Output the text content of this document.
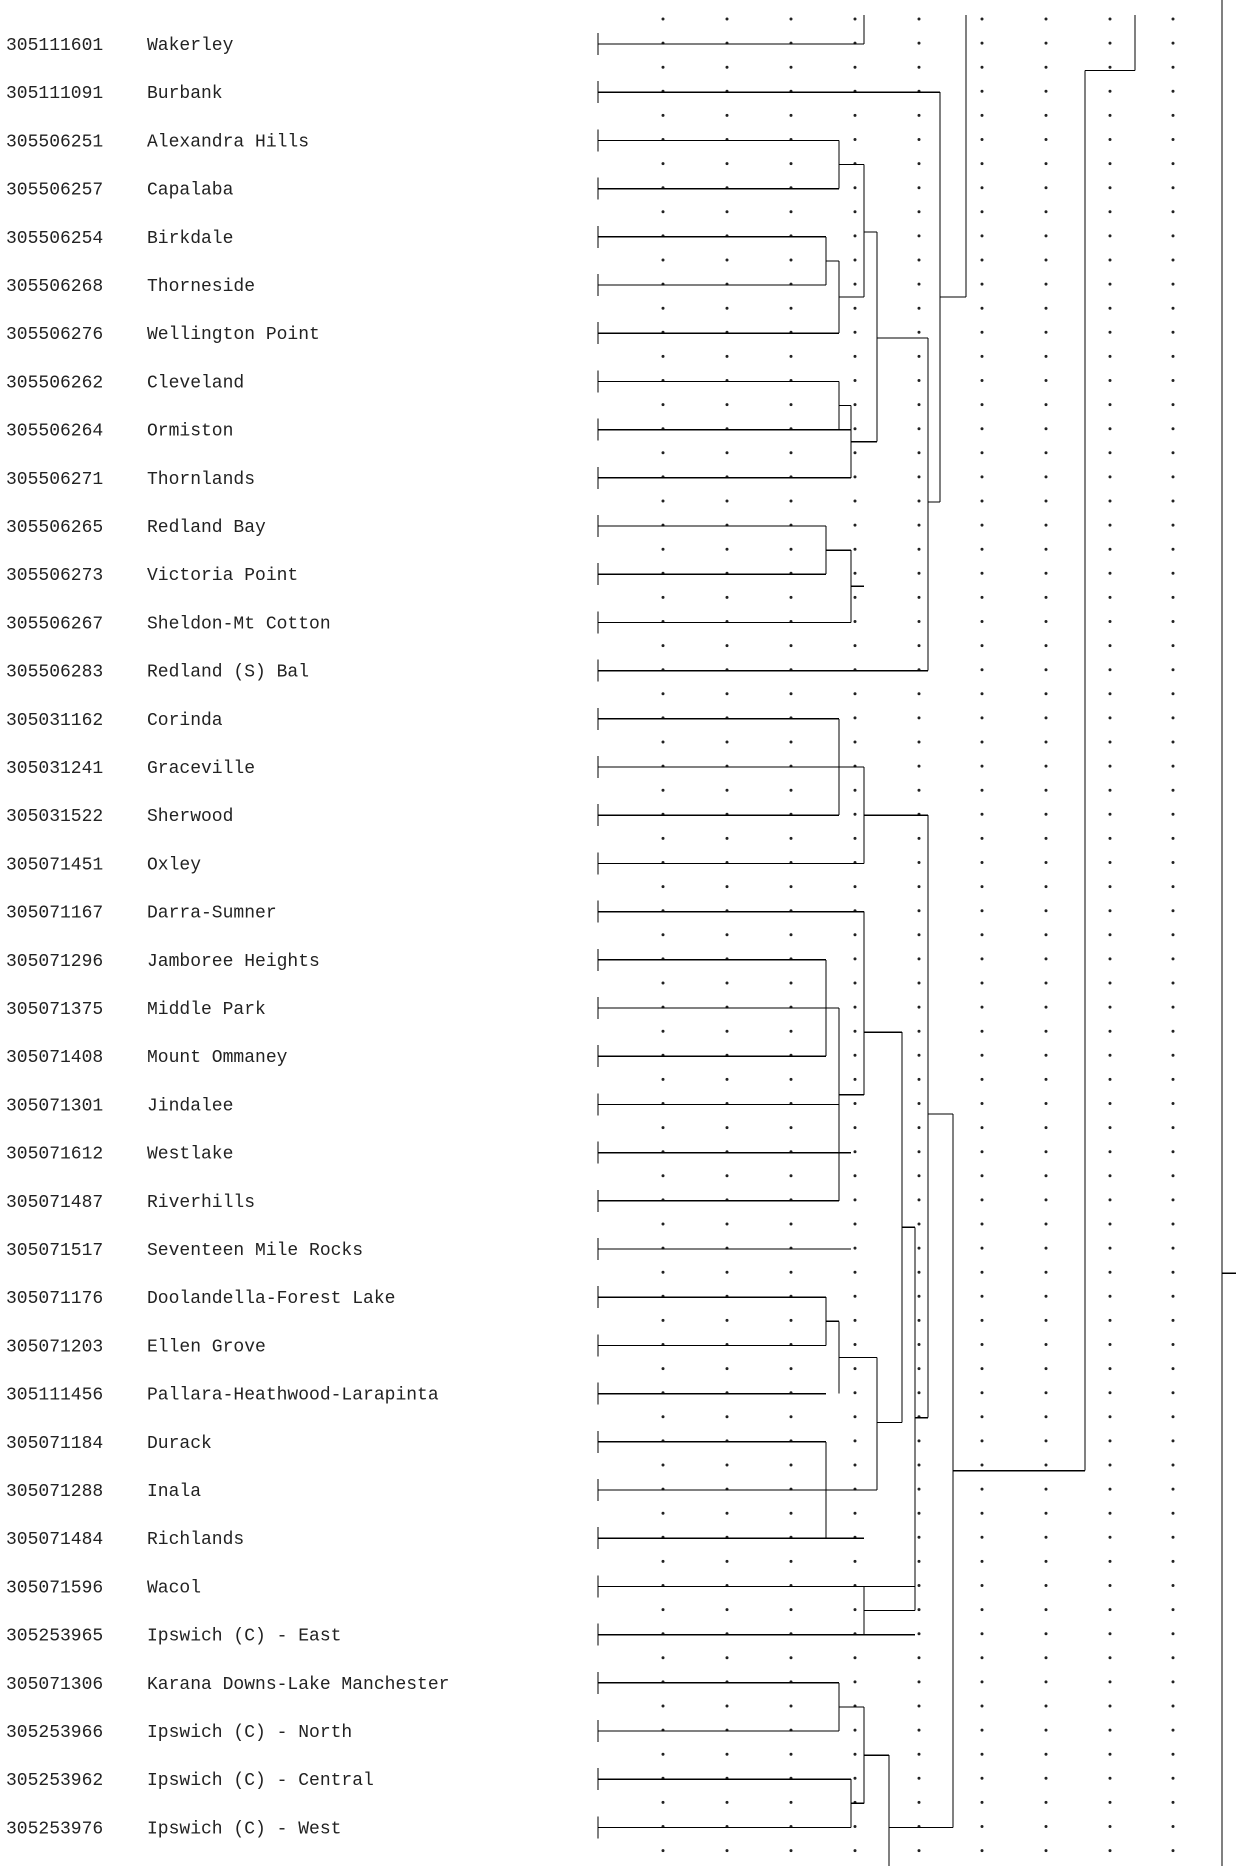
305111601 Wakerley
305111091 Burbank
305506251 Alexandra Hills
305506257 Capalaba
305506254 Birkdale
305506268 Thorneside
305506276 Wellington Point
305506262 Cleveland
305506264 Ormiston
305506271 Thornlands
305506265 Redland Bay
305506273 Victoria Point
305506267 Sheldon-Mt Cotton
305506283 Redland (S) Bal
305031162 Corinda
305031241 Graceville
305031522 Sherwood
305071451 Oxley
305071167 Darra-Sumner
305071296 Jamboree Heights
305071375 Middle Park
305071408 Mount Ommaney
305071301 Jindalee
305071612 Westlake
305071487 Riverhills
305071517 Seventeen Mile Rocks
305071176 Doolandella-Forest Lake
305071203 Ellen Grove
305111456 Pallara-Heathwood-Larapinta
305071184 Durack
305071288 Inala
305071484 Richlands
305071596 Wacol
305253965 Ipswich (C) - East
305071306 Karana Downs-Lake Manchester
305253966 Ipswich (C) - North
305253962 Ipswich (C) - Central
305253976 Ipswich (C) - West
